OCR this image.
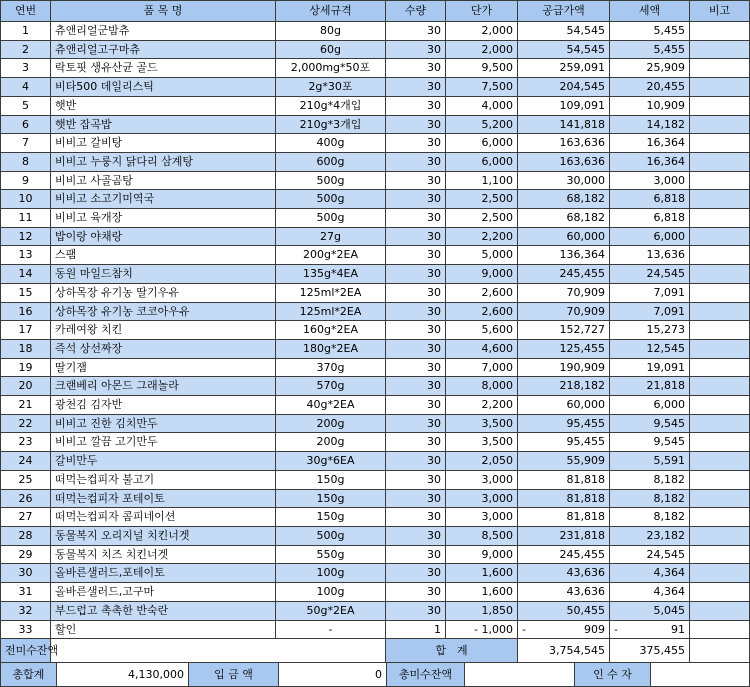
연번	품 목 명	상세규격	수량	단가	공급가액	세액	비고
1	츄앤리얼군밤츄	80g	30	2,000	54,545	5,455	
2	츄앤리얼고구마츄	60g	30	2,000	54,545	5,455	
3	락토핏 생유산균 골드	2,000mg*50포	30	9,500	259,091	25,909	
4	비타500 데일리스틱	2g*30포	30	7,500	204,545	20,455	
5	햇반	210g*4개입	30	4,000	109,091	10,909	
6	햇반 잡곡밥	210g*3개입	30	5,200	141,818	14,182	
7	비비고 갈비탕	400g	30	6,000	163,636	16,364	
8	비비고 누룽지 닭다리 삼계탕	600g	30	6,000	163,636	16,364	
9	비비고 사골곰탕	500g	30	1,100	30,000	3,000	
10	비비고 소고기미역국	500g	30	2,500	68,182	6,818	
11	비비고 육개장	500g	30	2,500	68,182	6,818	
12	밥이랑 야채랑	27g	30	2,200	60,000	6,000	
13	스팸	200g*2EA	30	5,000	136,364	13,636	
14	동원 마일드참치	135g*4EA	30	9,000	245,455	24,545	
15	상하목장 유기농 딸기우유	125ml*2EA	30	2,600	70,909	7,091	
16	상하목장 유기농 코코아우유	125ml*2EA	30	2,600	70,909	7,091	
17	카레여왕 치킨	160g*2EA	30	5,600	152,727	15,273	
18	즉석 상선짜장	180g*2EA	30	4,600	125,455	12,545	
19	딸기잼	370g	30	7,000	190,909	19,091	
20	크랜베리 아몬드 그래놀라	570g	30	8,000	218,182	21,818	
21	광천김 김자반	40g*2EA	30	2,200	60,000	6,000	
22	비비고 진한 김치만두	200g	30	3,500	95,455	9,545	
23	비비고 깔끔 고기만두	200g	30	3,500	95,455	9,545	
24	갈비만두	30g*6EA	30	2,050	55,909	5,591	
25	떠먹는컵피자 불고기	150g	30	3,000	81,818	8,182	
26	떠먹는컵피자 포테이토	150g	30	3,000	81,818	8,182	
27	떠먹는컵피자 콤피네이션	150g	30	3,000	81,818	8,182	
28	동물복지 오리지널 치킨너겟	500g	30	8,500	231,818	23,182	
29	동물복지 치즈 치킨너겟	550g	30	9,000	245,455	24,545	
30	올바른샐러드,포테이토	100g	30	1,600	43,636	4,364	
31	올바른샐러드,고구마	100g	30	1,600	43,636	4,364	
32	부드럽고 촉촉한 반숙란	50g*2EA	30	1,850	50,455	5,045	
33	할인	-	1	- 1,000	- 909	- 91	
전미수잔액			합　계		3,754,545	375,455	
총합계	4,130,000	입 금 액	0	총미수잔액		인 수 자	
